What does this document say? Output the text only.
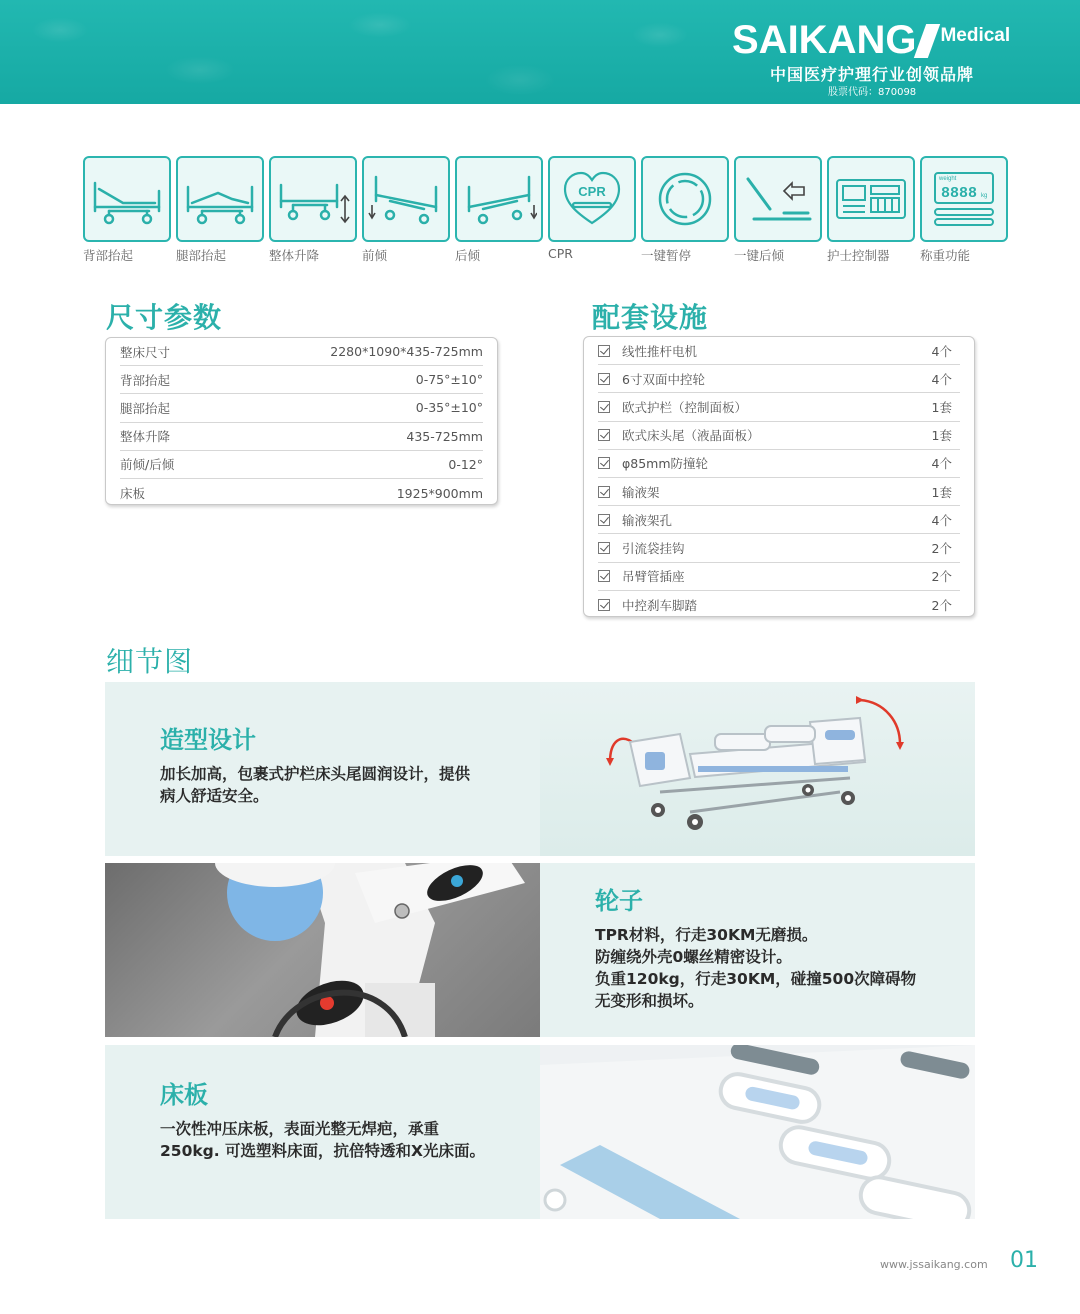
SAIKANG Medical
中国医疗护理行业创领品牌
股票代码：870098
背部抬起	腿部抬起	整体升降	前倾	后倾
CPR
CPR	一键暂停	一键后倾	护士控制器
weight
8888 kg
称重功能
尺寸参数
整床尺寸	2280*1090*435-725mm
背部抬起	0-75°±10°
腿部抬起	0-35°±10°
整体升降	435-725mm
前倾/后倾	0-12°
床板	1925*900mm
配套设施
线性推杆电机	4个
6寸双面中控轮	4个
欧式护栏（控制面板）	1套
欧式床头尾（液晶面板）	1套
φ85mm防撞轮	4个
输液架	1套
输液架孔	4个
引流袋挂钩	2个
吊臂管插座	2个
中控刹车脚踏	2个
细节图
造型设计
加长加高，包裹式护栏床头尾圆润设计，提供病人舒适安全。
轮子
TPR材料，行走30KM无磨损。
防缠绕外壳0螺丝精密设计。
负重120kg，行走30KM，碰撞500次障碍物无变形和损坏。
床板
一次性冲压床板，表面光整无焊疤，承重250kg. 可选塑料床面，抗倍特透和X光床面。
www.jssaikang.com 01
